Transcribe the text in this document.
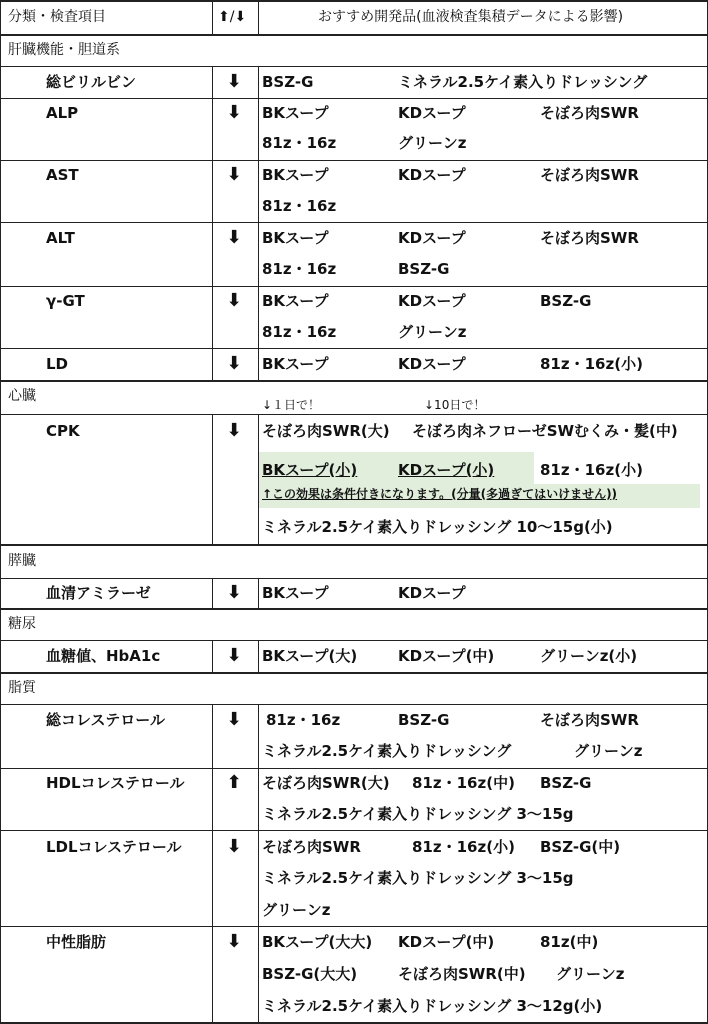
分類・検査項目	⬆/⬇	おすすめ開発品(血液検査集積データによる影響)
肝臓機能・胆道系
総ビリルビン	⬇ BSZ-G	ミネラル2.5ケイ素入りドレッシング
ALP	⬇ BKスープ	KDスープ	そぼろ肉SWR
81z・16z	グリーンz
AST	⬇ BKスープ	KDスープ	そぼろ肉SWR
81z・16z
ALT	⬇ BKスープ	KDスープ	そぼろ肉SWR
81z・16z	BSZ-G
γ-GT	⬇ BKスープ	KDスープ	BSZ-G
81z・16z	グリーンz
LD	⬇ BKスープ	KDスープ	81z・16z(小)
心臓
↓１日で！	↓10日で！
CPK	⬇ そぼろ肉SWR(大) そぼろ肉ネフローゼSWむくみ・髪(中)
BKスープ(小)	KDスープ(小)	81z・16z(小)
↑この効果は条件付きになります。(分量(多過ぎてはいけません))
ミネラル2.5ケイ素入りドレッシング 10〜15g(小)
膵臓
血清アミラーゼ	⬇ BKスープ	KDスープ
糖尿
血糖値、HbA1c	⬇ BKスープ(大)	KDスープ(中)	グリーンz(小)
脂質
総コレステロール	⬇ 81z・16z	BSZ-G	そぼろ肉SWR
ミネラル2.5ケイ素入りドレッシング	グリーンz
HDLコレステロール ⬆ そぼろ肉SWR(大) 81z・16z(中) BSZ-G
ミネラル2.5ケイ素入りドレッシング 3〜15g
LDLコレステロール ⬇ そぼろ肉SWR	81z・16z(小) BSZ-G(中)
ミネラル2.5ケイ素入りドレッシング 3〜15g
グリーンz
中性脂肪	⬇ BKスープ(大大) KDスープ(中)	81z(中)
BSZ-G(大大)	そぼろ肉SWR(中) グリーンz
ミネラル2.5ケイ素入りドレッシング 3〜12g(小)
